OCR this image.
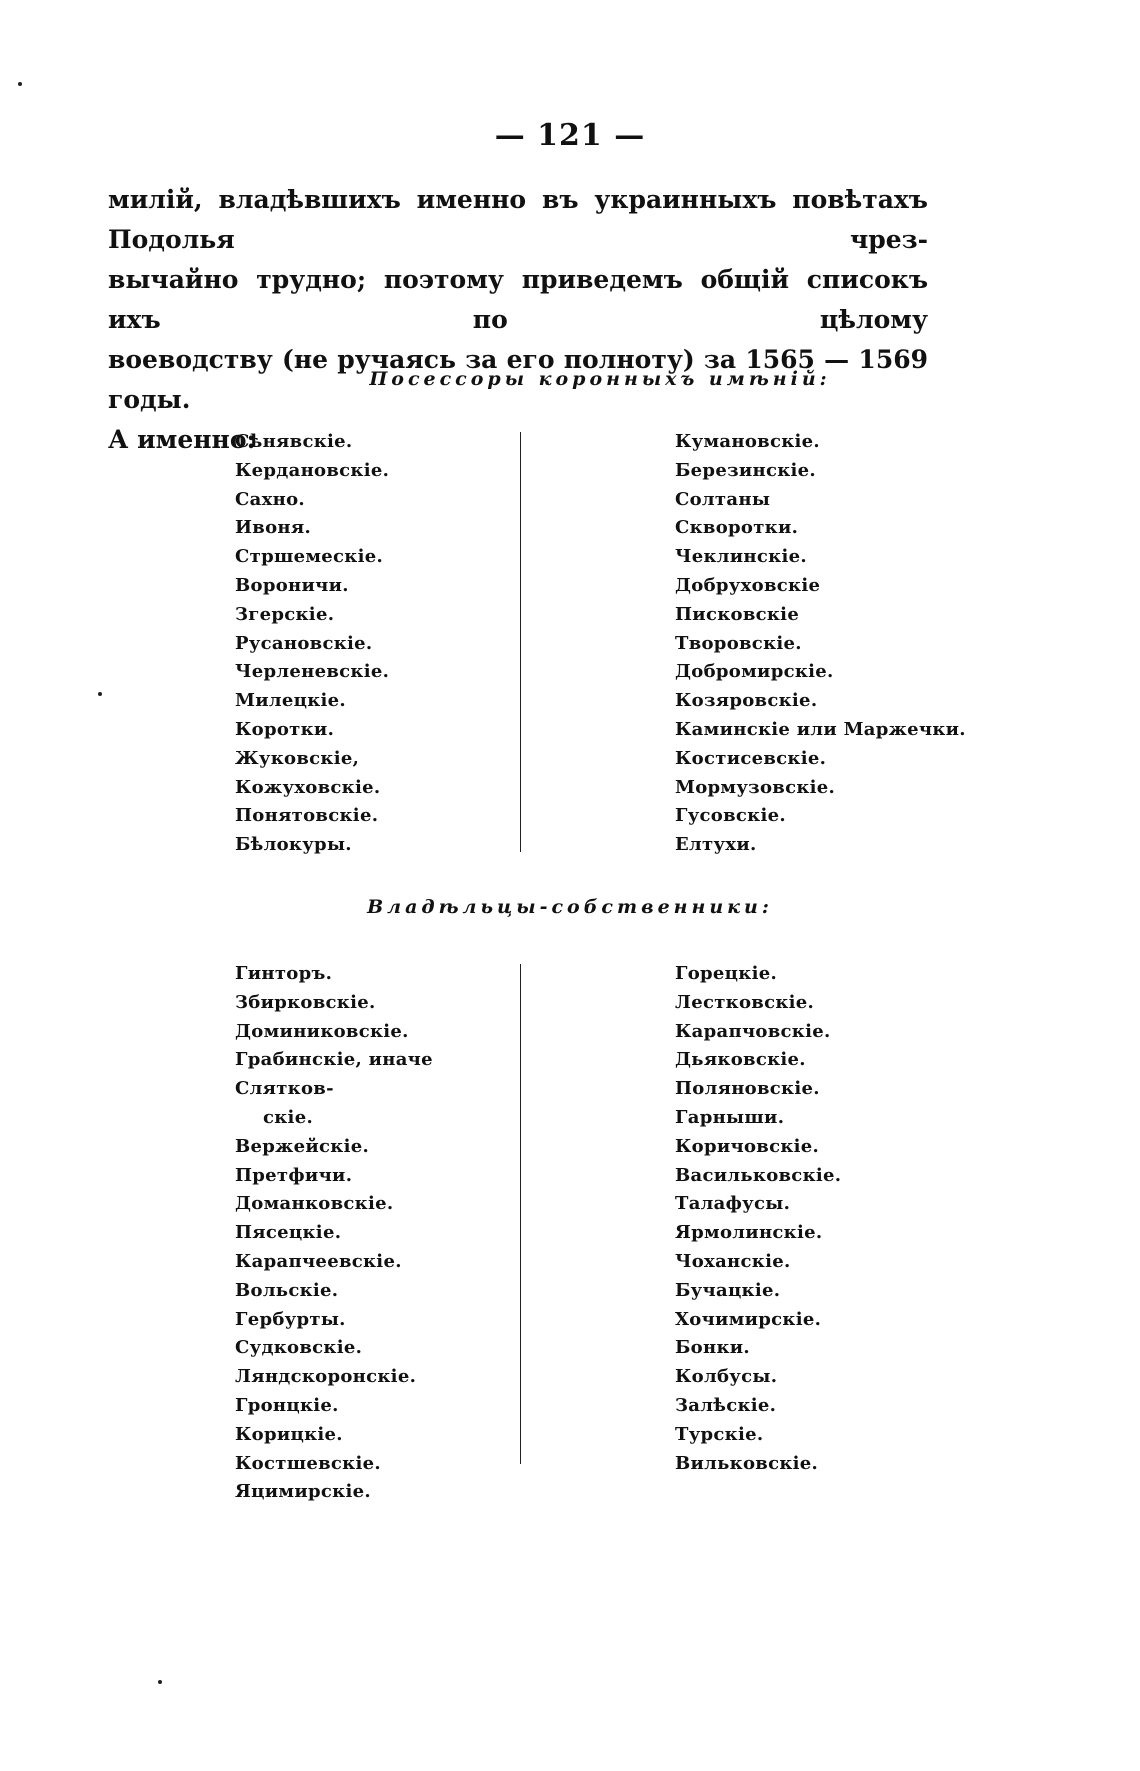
— 121 —
милій, владѣвшихъ именно въ украинныхъ повѣтахъ Подолья чрез-
вычайно трудно; поэтому приведемъ общій списокъ ихъ по цѣлому
воеводству (не ручаясь за его полноту) за 1565 — 1569 годы.
А именно:
Посессоры коронныхъ имѣній:
Сѣнявскіе.
Кердановскіе.
Сахно.
Ивоня.
Стршемескіе.
Вороничи.
Згерскіе.
Русановскіе.
Черленевскіе.
Милецкіе.
Коротки.
Жуковскіе,
Кожуховскіе.
Понятовскіе.
Бѣлокуры.
Кумановскіе.
Березинскіе.
Солтаны
Скворотки.
Чеклинскіе.
Добруховскіе
Писковскіе
Творовскіе.
Добромирскіе.
Козяровскіе.
Каминскіе или Маржечки.
Костисевскіе.
Мормузовскіе.
Гусовскіе.
Елтухи.
Владѣльцы-собственники:
Гинторъ.
Збирковскіе.
Доминиковскіе.
Грабинскіе, иначе Слятков-
скіе.
Вержейскіе.
Претфичи.
Доманковскіе.
Пясецкіе.
Карапчеевскіе.
Вольскіе.
Гербурты.
Судковскіе.
Ляндскоронскіе.
Гронцкіе.
Корицкіе.
Костшевскіе.
Яцимирскіе.
Горецкіе.
Лестковскіе.
Карапчовскіе.
Дьяковскіе.
Поляновскіе.
Гарныши.
Коричовскіе.
Васильковскіе.
Талафусы.
Ярмолинскіе.
Чоханскіе.
Бучацкіе.
Хочимирскіе.
Бонки.
Колбусы.
Залѣскіе.
Турскіе.
Вильковскіе.
